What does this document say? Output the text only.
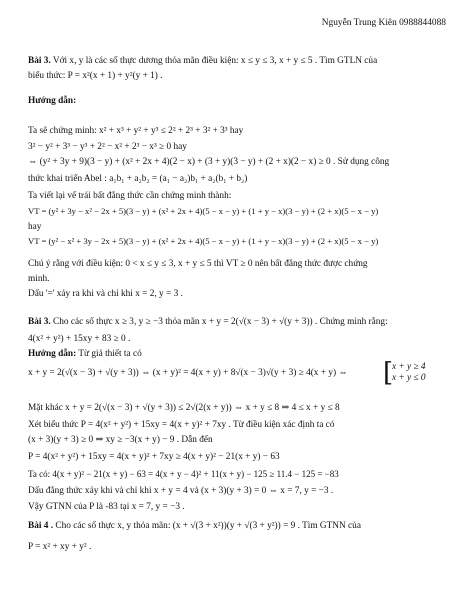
Nguyễn Trung Kiên 0988844088
Bài 3. Với x, y là các số thực dương thỏa mãn điều kiện: x ≤ y ≤ 3, x + y ≤ 5 . Tìm GTLN của
biểu thức: P = x²(x + 1) + y²(y + 1) .
Hướng dẫn:
Ta sẽ chứng minh: x² + x³ + y² + y³ ≤ 2² + 2³ + 3² + 3³ hay
3² − y² + 3³ − y³ + 2² − x² + 2³ − x³ ≥ 0 hay
⇔ (y² + 3y + 9)(3 − y) + (x² + 2x + 4)(2 − x) + (3 + y)(3 − y) + (2 + x)(2 − x) ≥ 0 . Sử dụng công
thức khai triển Abel : a₁b₁ + a₂b₂ = (a₁ − a₂)b₁ + a₂(b₁ + b₂)
Ta viết lại vế trái bất đẳng thức cần chứng minh thành:
VT = (y² + 3y − x² − 2x + 5)(3 − y) + (x² + 2x + 4)(5 − x − y) + (1 + y − x)(3 − y) + (2 + x)(5 − x − y)
hay
VT = (y² − x² + 3y − 2x + 5)(3 − y) + (x² + 2x + 4)(5 − x − y) + (1 + y − x)(3 − y) + (2 + x)(5 − x − y)
Chú ý rằng với điều kiện: 0 < x ≤ y ≤ 3, x + y ≤ 5 thì VT ≥ 0 nên bất đẳng thức được chứng
minh.
Dấu '=' xảy ra khi và chỉ khi x = 2, y = 3 .
Bài 3. Cho các số thực x ≥ 3, y ≥ −3 thỏa mãn x + y = 2(√(x − 3) + √(y + 3)) . Chứng minh rằng:
4(x² + y²) + 15xy + 83 ≥ 0 .
Hướng dẫn: Từ giả thiết ta có
x + y = 2(√(x − 3) + √(y + 3)) ⇔ (x + y)² = 4(x + y) + 8√(x − 3)√(y + 3) ≥ 4(x + y) ⇔ [
x + y ≥ 4
x + y ≤ 0
Mặt khác x + y = 2(√(x − 3) + √(y + 3)) ≤ 2√(2(x + y)) ⇔ x + y ≤ 8 ⇒ 4 ≤ x + y ≤ 8
Xét biểu thức P = 4(x² + y²) + 15xy = 4(x + y)² + 7xy . Từ điều kiện xác định ta có
(x + 3)(y + 3) ≥ 0 ⇒ xy ≥ −3(x + y) − 9 . Dẫn đến
P = 4(x² + y²) + 15xy = 4(x + y)² + 7xy ≥ 4(x + y)² − 21(x + y) − 63
Ta có: 4(x + y)² − 21(x + y) − 63 = 4(x + y − 4)² + 11(x + y) − 125 ≥ 11.4 − 125 = −83
Dấu đẳng thức xảy khi và chỉ khi x + y = 4 và (x + 3)(y + 3) = 0 ⇔ x = 7, y = −3 .
Vậy GTNN của P là -83 tại x = 7, y = −3 .
Bài 4 . Cho các số thực x, y thỏa mãn: (x + √(3 + x²))(y + √(3 + y²)) = 9 . Tìm GTNN của
P = x² + xy + y² .
